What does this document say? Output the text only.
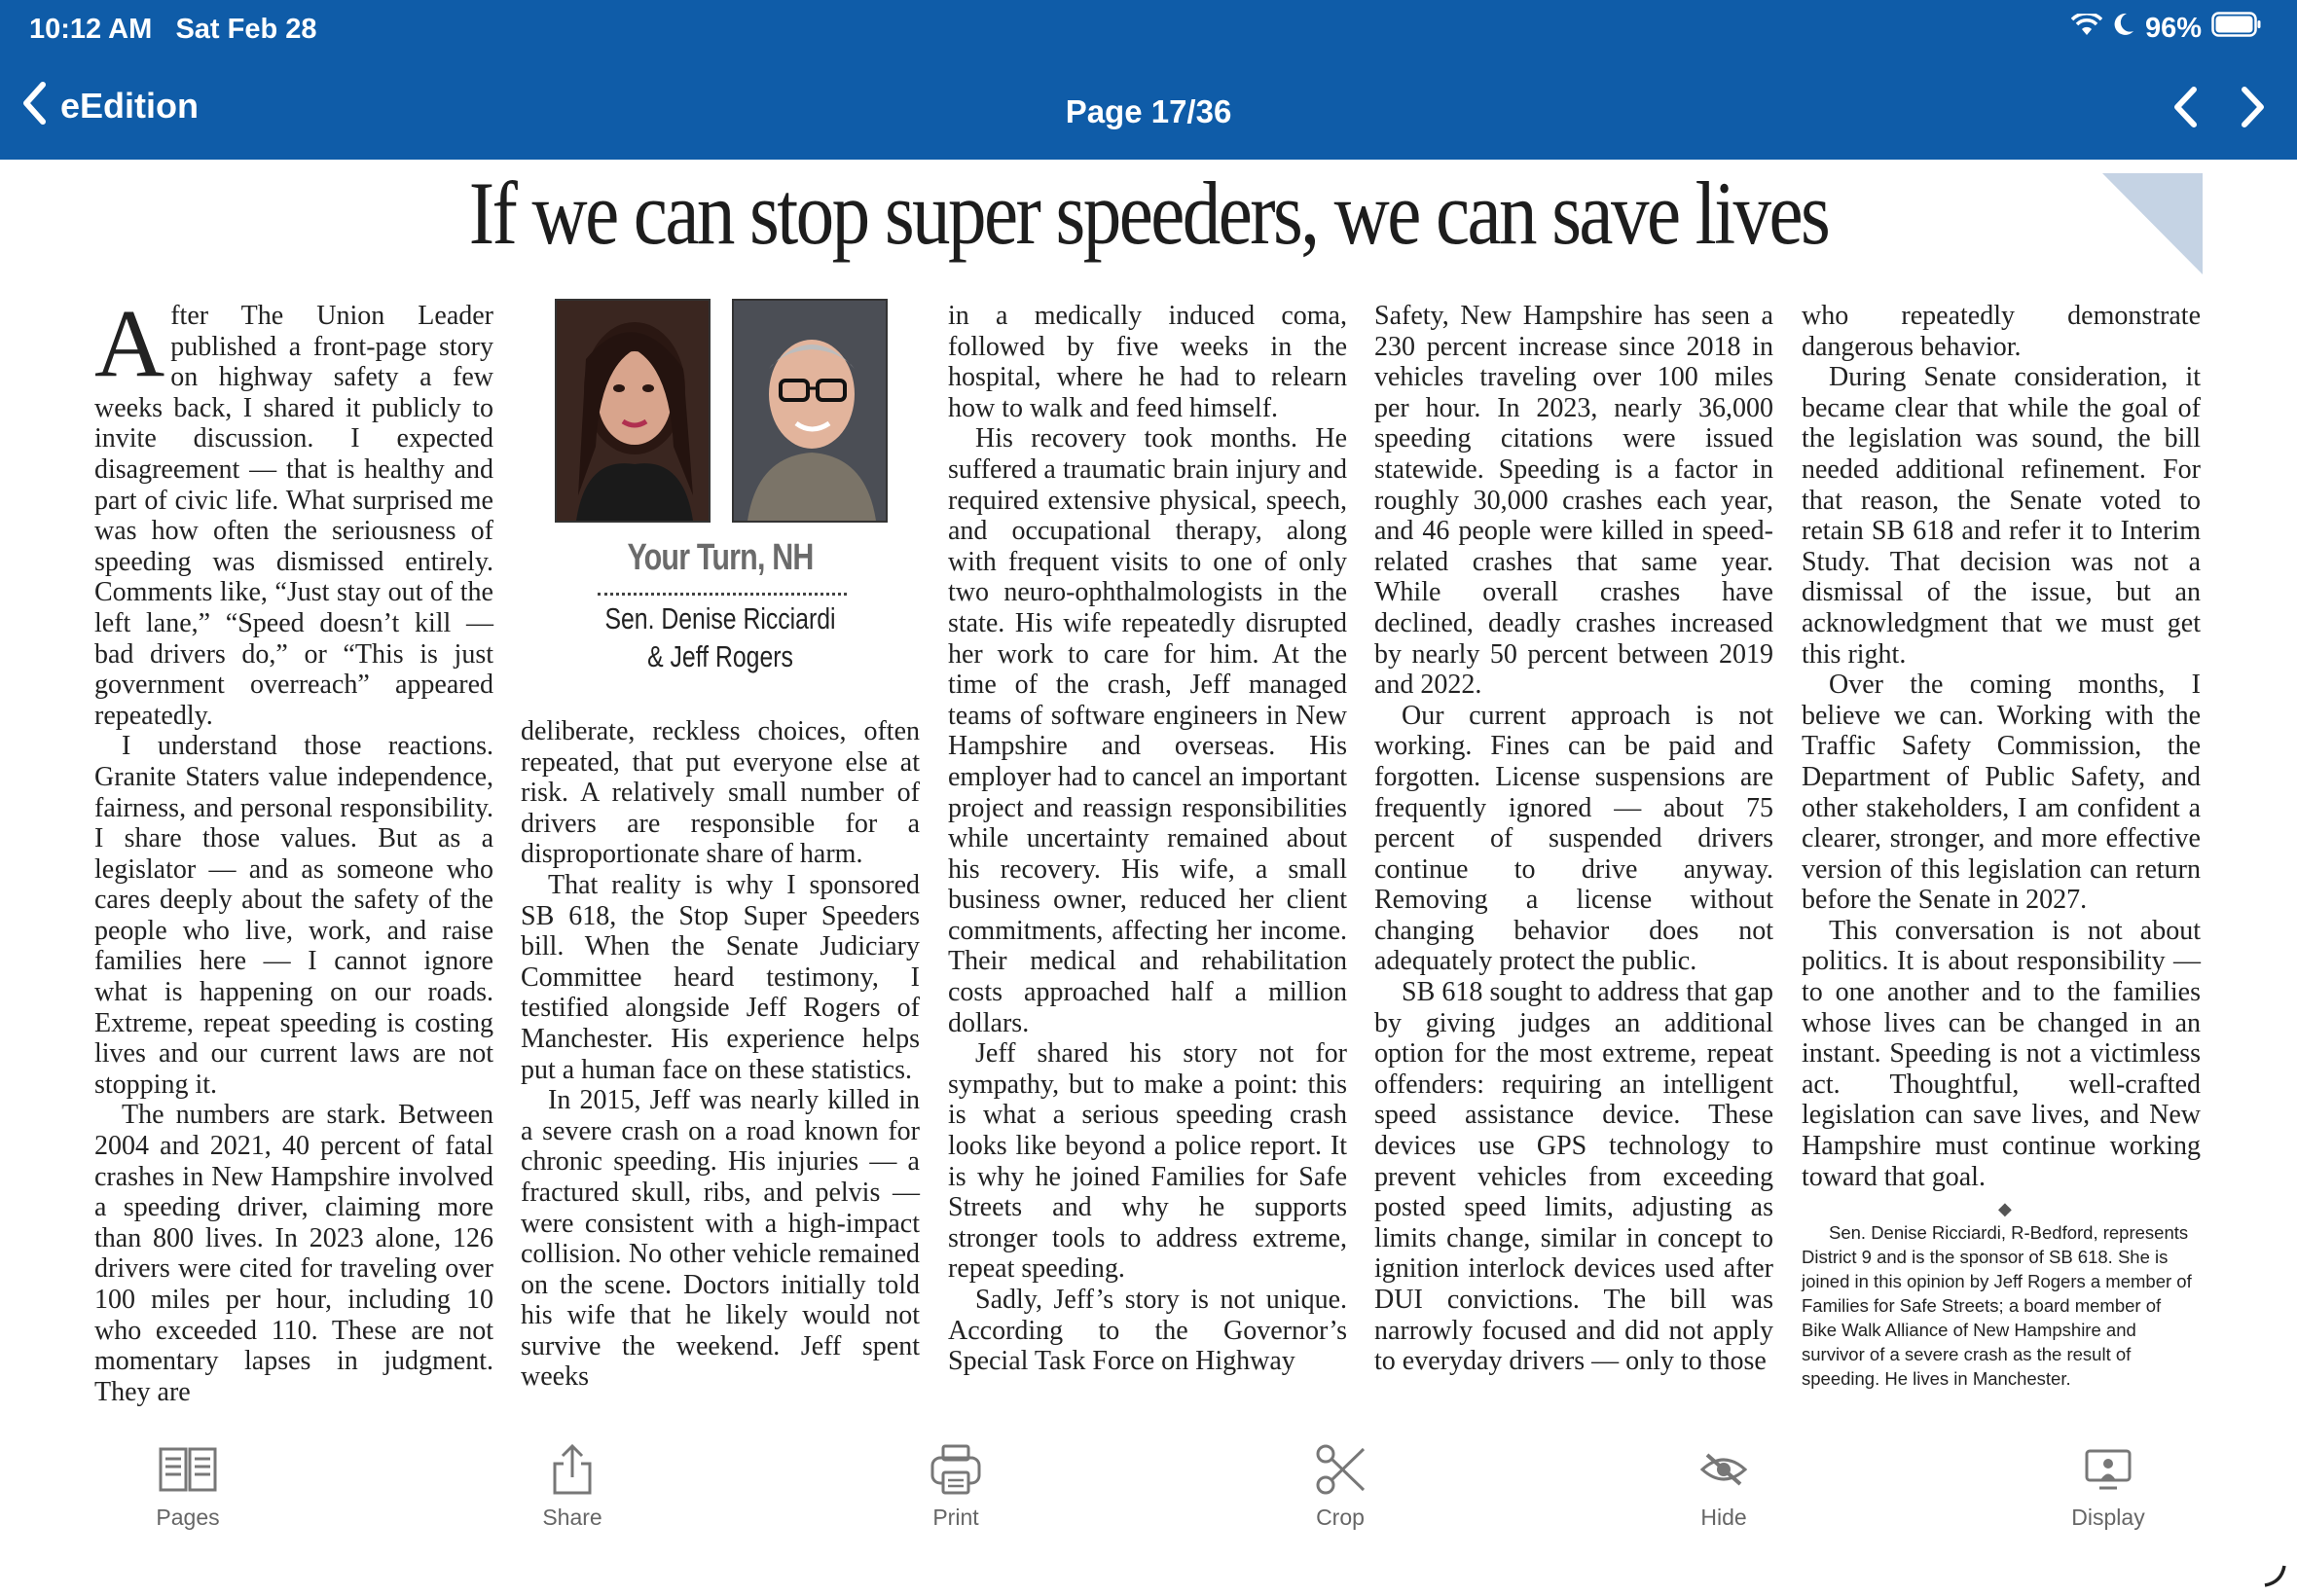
10:12 AM Sat Feb 28	96%
eEdition	Page 17/36
If we can stop super speeders, we can save lives

After The Union Leader published a front-page story on highway safety a few weeks back, I shared it publicly to invite discussion. I expected disagreement — that is healthy and part of civic life. What surprised me was how often the seriousness of speeding was dismissed entirely. Comments like, “Just stay out of the left lane,” “Speed doesn’t kill — bad drivers do,” or “This is just government overreach” appeared repeatedly.

I understand those reactions. Granite Staters value independence, fairness, and personal responsibility. I share those values. But as a legislator — and as someone who cares deeply about the safety of the people who live, work, and raise families here — I cannot ignore what is happening on our roads. Extreme, repeat speeding is costing lives and our current laws are not stopping it.

The numbers are stark. Between 2004 and 2021, 40 percent of fatal crashes in New Hampshire involved a speeding driver, claiming more than 800 lives. In 2023 alone, 126 drivers were cited for traveling over 100 miles per hour, including 10 who exceeded 110. These are not momentary lapses in judgment. They are

Your Turn, NH
Sen. Denise Ricciardi
& Jeff Rogers

deliberate, reckless choices, often repeated, that put everyone else at risk. A relatively small number of drivers are responsible for a disproportionate share of harm.

That reality is why I sponsored SB 618, the Stop Super Speeders bill. When the Senate Judiciary Committee heard testimony, I testified alongside Jeff Rogers of Manchester. His experience helps put a human face on these statistics.

In 2015, Jeff was nearly killed in a severe crash on a road known for chronic speeding. His injuries — a fractured skull, ribs, and pelvis — were consistent with a high-impact collision. No other vehicle remained on the scene. Doctors initially told his wife that he likely would not survive the weekend. Jeff spent weeks

in a medically induced coma, followed by five weeks in the hospital, where he had to relearn how to walk and feed himself.

His recovery took months. He suffered a traumatic brain injury and required extensive physical, speech, and occupational therapy, along with frequent visits to one of only two neuro-ophthalmologists in the state. His wife repeatedly disrupted her work to care for him. At the time of the crash, Jeff managed teams of software engineers in New Hampshire and overseas. His employer had to cancel an important project and reassign responsibilities while uncertainty remained about his recovery. His wife, a small business owner, reduced her client commitments, affecting her income. Their medical and rehabilitation costs approached half a million dollars.

Jeff shared his story not for sympathy, but to make a point: this is what a serious speeding crash looks like beyond a police report. It is why he joined Families for Safe Streets and why he supports stronger tools to address extreme, repeat speeding.

Sadly, Jeff’s story is not unique. According to the Governor’s Special Task Force on Highway

Safety, New Hampshire has seen a 230 percent increase since 2018 in vehicles traveling over 100 miles per hour. In 2023, nearly 36,000 speeding citations were issued statewide. Speeding is a factor in roughly 30,000 crashes each year, and 46 people were killed in speed-related crashes that same year. While overall crashes have declined, deadly crashes increased by nearly 50 percent between 2019 and 2022.

Our current approach is not working. Fines can be paid and forgotten. License suspensions are frequently ignored — about 75 percent of suspended drivers continue to drive anyway. Removing a license without changing behavior does not adequately protect the public.

SB 618 sought to address that gap by giving judges an additional option for the most extreme, repeat offenders: requiring an intelligent speed assistance device. These devices use GPS technology to prevent vehicles from exceeding posted speed limits, adjusting as limits change, similar in concept to ignition interlock devices used after DUI convictions. The bill was narrowly focused and did not apply to everyday drivers — only to those

who repeatedly demonstrate dangerous behavior.

During Senate consideration, it became clear that while the goal of the legislation was sound, the bill needed additional refinement. For that reason, the Senate voted to retain SB 618 and refer it to Interim Study. That decision was not a dismissal of the issue, but an acknowledgment that we must get this right.

Over the coming months, I believe we can. Working with the Traffic Safety Commission, the Department of Public Safety, and other stakeholders, I am confident a clearer, stronger, and more effective version of this legislation can return before the Senate in 2027.

This conversation is not about politics. It is about responsibility — to one another and to the families whose lives can be changed in an instant. Speeding is not a victimless act. Thoughtful, well-crafted legislation can save lives, and New Hampshire must continue working toward that goal.

◆

Sen. Denise Ricciardi, R-Bedford, represents District 9 and is the sponsor of SB 618. She is joined in this opinion by Jeff Rogers a member of Families for Safe Streets; a board member of Bike Walk Alliance of New Hampshire and survivor of a severe crash as the result of speeding. He lives in Manchester.

Pages	Share	Print	Crop	Hide	Display
